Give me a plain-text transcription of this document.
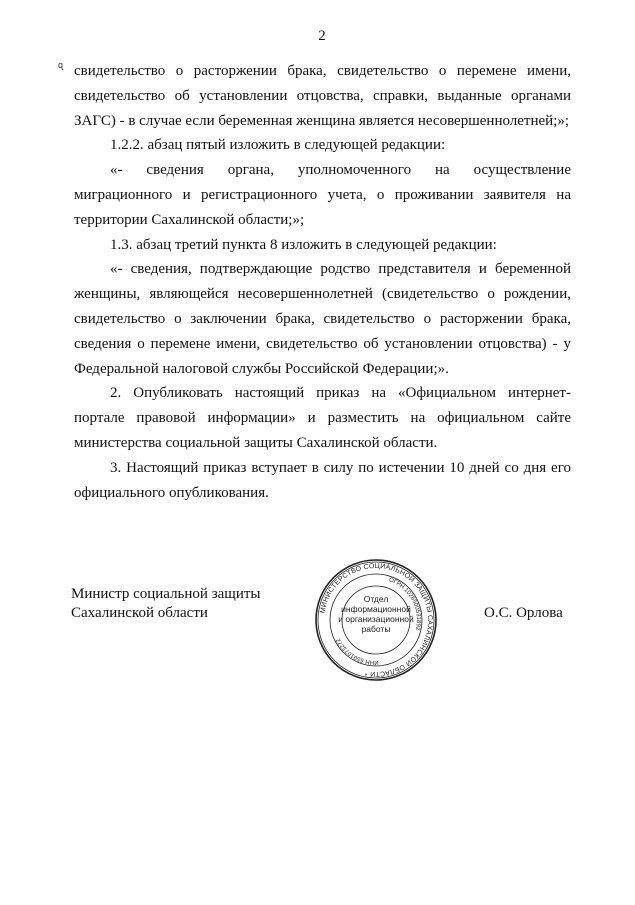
2
ɋ свидетельство о расторжении брака, свидетельство о перемене имени, свидетельство об установлении отцовства, справки, выданные органами ЗАГС) - в случае если беременная женщина является несовершеннолетней;»;

1.2.2. абзац пятый изложить в следующей редакции:

«- сведения органа, уполномоченного на осуществление миграционного и регистрационного учета, о проживании заявителя на территории Сахалинской области;»;

1.3. абзац третий пункта 8 изложить в следующей редакции:

«- сведения, подтверждающие родство представителя и беременной женщины, являющейся несовершеннолетней (свидетельство о рождении, свидетельство о заключении брака, свидетельство о расторжении брака, сведения о перемене имени, свидетельство об установлении отцовства) - у Федеральной налоговой службы Российской Федерации;».

2. Опубликовать настоящий приказ на «Официальном интернет-портале правовой информации» и разместить на официальном сайте министерства социальной защиты Сахалинской области.

3. Настоящий приказ вступает в силу по истечении 10 дней со дня его официального опубликования.

Министр социальной защиты
Сахалинской области	МИНИСТЕРСТВО СОЦИАЛЬНОЙ ЗАЩИТЫ САХАЛИНСКОЙ ОБЛАСТИ *
ОГРН 1026500531892
ИНН 6501073272
Отдел
информационной
и организационной
работы
О.С. Орлова
